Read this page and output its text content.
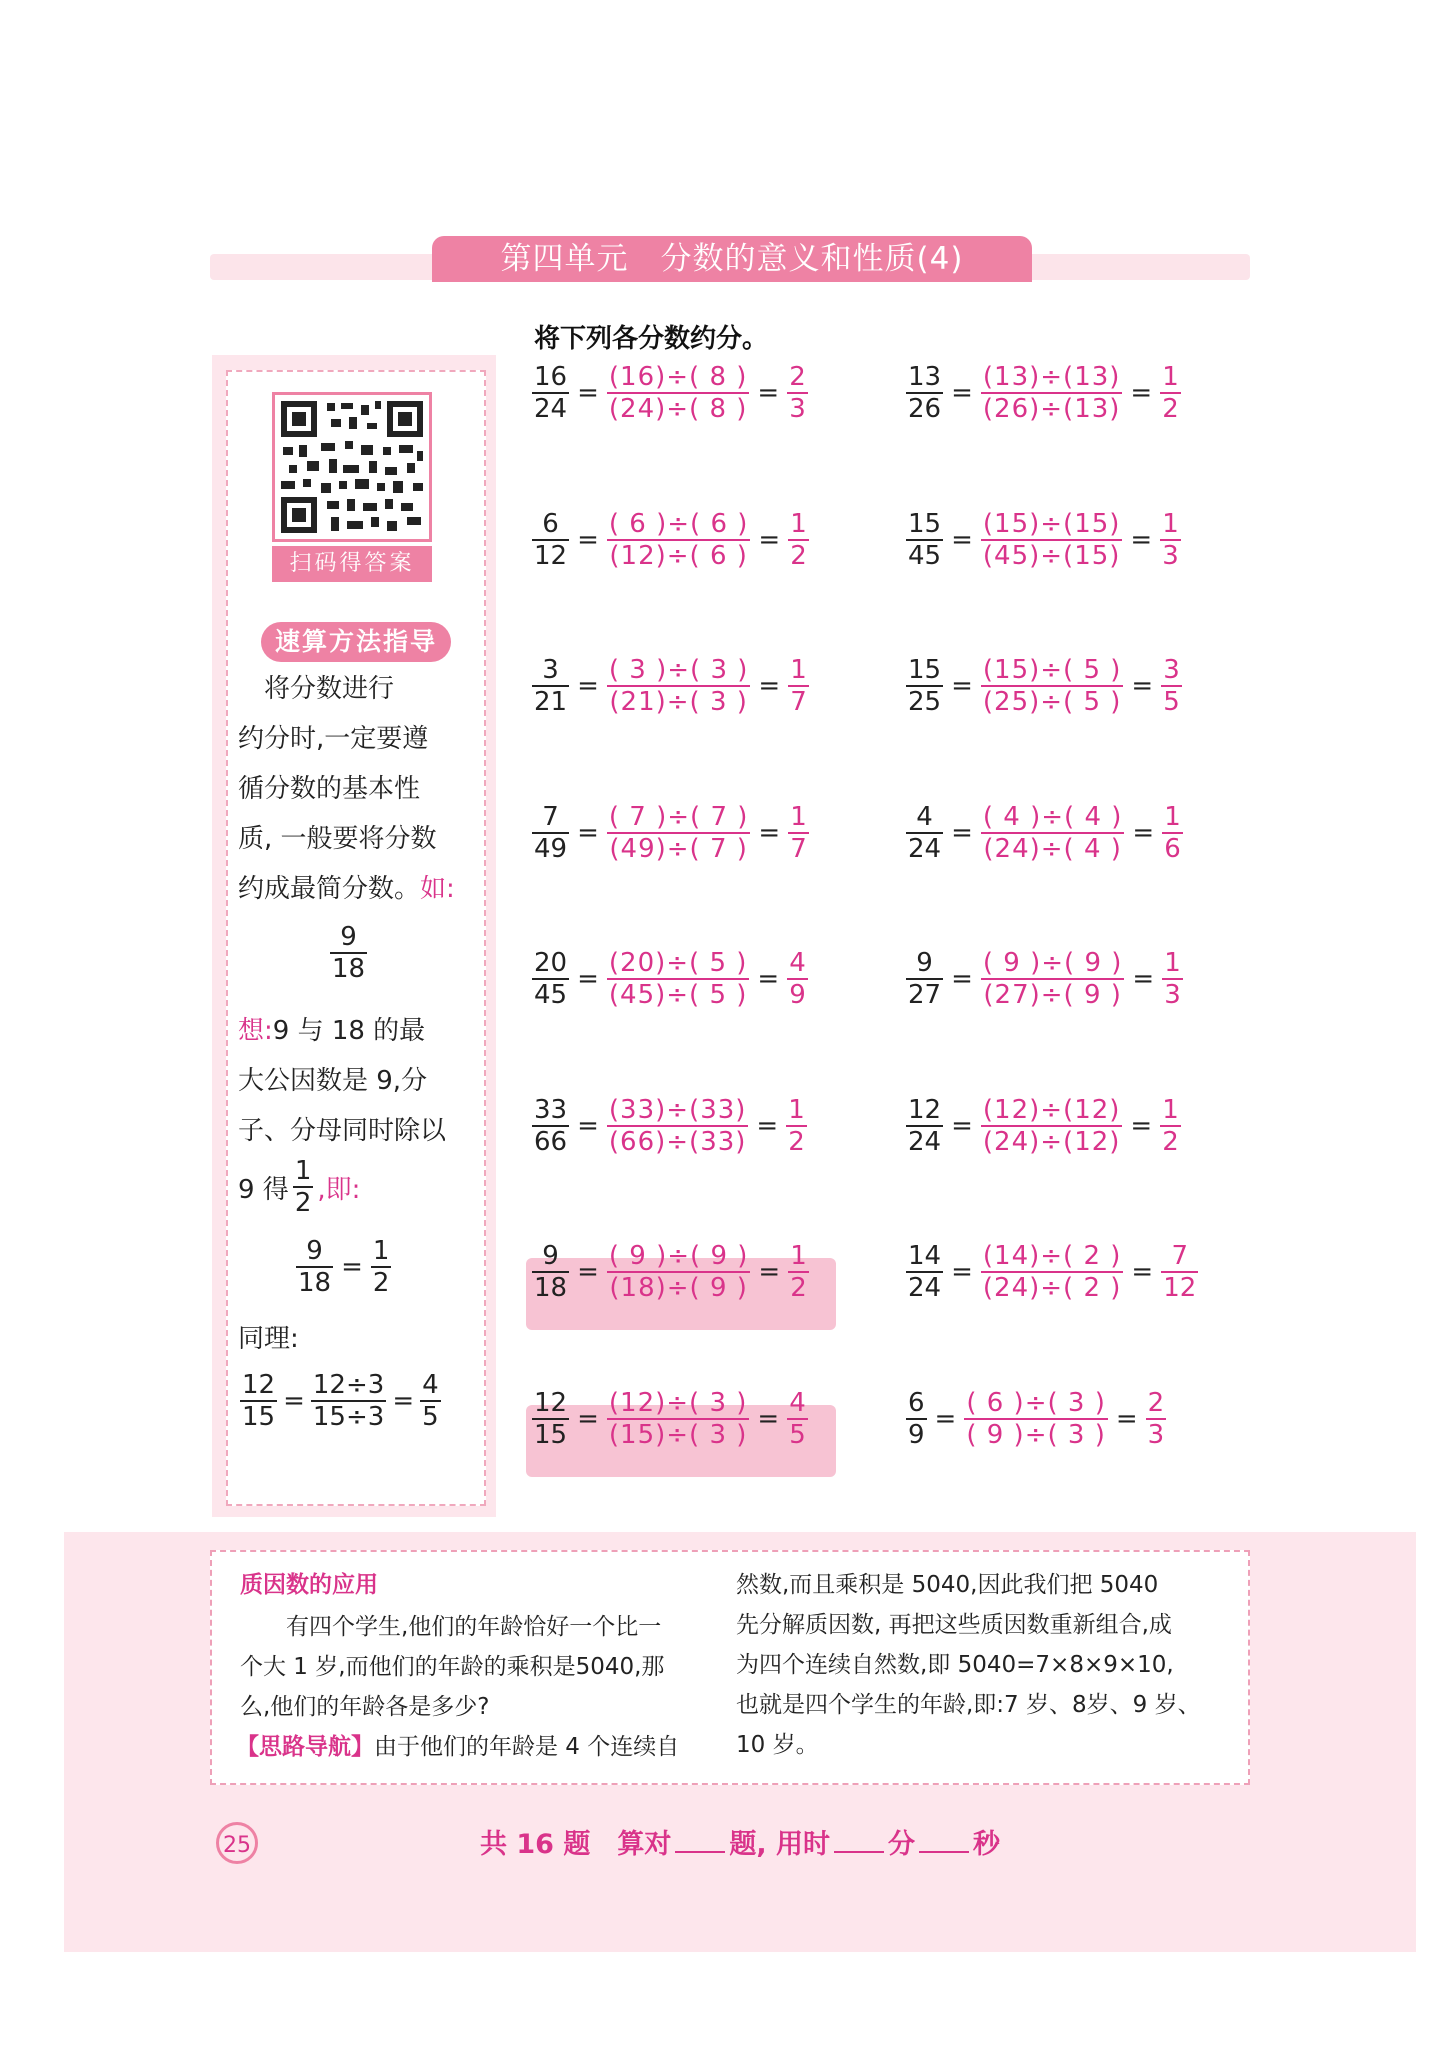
第四单元　分数的意义和性质(4)
将下列各分数约分。
扫码得答案
速算方法指导
　将分数进行
约分时,一定要遵
循分数的基本性
质, 一般要将分数
约成最简分数。如:
$\frac{9}{18}$
想:9 与 18 的最
大公因数是 9,分
子、分母同时除以
9 得 $\frac{1}{2}$ ,即:
$\frac{9}{18} = \frac{1}{2}$
同理:
$\frac{12}{15} = \frac{12\div 3}{15\div 3} = \frac{4}{5}$
$\frac{16}{24} = \frac{(16)\div( 8 )}{(24)\div( 8 )} = \frac{2}{3}$	$\frac{13}{26} = \frac{(13)\div(13)}{(26)\div(13)} = \frac{1}{2}$
$\frac{6}{12} = \frac{( 6 )\div( 6 )}{(12)\div( 6 )} = \frac{1}{2}$	$\frac{15}{45} = \frac{(15)\div(15)}{(45)\div(15)} = \frac{1}{3}$
$\frac{3}{21} = \frac{( 3 )\div( 3 )}{(21)\div( 3 )} = \frac{1}{7}$	$\frac{15}{25} = \frac{(15)\div( 5 )}{(25)\div( 5 )} = \frac{3}{5}$
$\frac{7}{49} = \frac{( 7 )\div( 7 )}{(49)\div( 7 )} = \frac{1}{7}$	$\frac{4}{24} = \frac{( 4 )\div( 4 )}{(24)\div( 4 )} = \frac{1}{6}$
$\frac{20}{45} = \frac{(20)\div( 5 )}{(45)\div( 5 )} = \frac{4}{9}$	$\frac{9}{27} = \frac{( 9 )\div( 9 )}{(27)\div( 9 )} = \frac{1}{3}$
$\frac{33}{66} = \frac{(33)\div(33)}{(66)\div(33)} = \frac{1}{2}$	$\frac{12}{24} = \frac{(12)\div(12)}{(24)\div(12)} = \frac{1}{2}$
$\frac{9}{18} = \frac{( 9 )\div( 9 )}{(18)\div( 9 )} = \frac{1}{2}$	$\frac{14}{24} = \frac{(14)\div( 2 )}{(24)\div( 2 )} = \frac{7}{12}$
$\frac{12}{15} = \frac{(12)\div( 3 )}{(15)\div( 3 )} = \frac{4}{5}$	$\frac{6}{9} = \frac{( 6 )\div( 3 )}{( 9 )\div( 3 )} = \frac{2}{3}$
质因数的应用
　　有四个学生,他们的年龄恰好一个比一
个大 1 岁,而他们的年龄的乘积是5040,那
么,他们的年龄各是多少?
【思路导航】由于他们的年龄是 4 个连续自
然数,而且乘积是 5040,因此我们把 5040
先分解质因数, 再把这些质因数重新组合,成
为四个连续自然数,即 5040=7×8×9×10,
也就是四个学生的年龄,即:7 岁、8岁、9 岁、
10 岁。
25	共 16 题　算对 题, 用时 分 秒
